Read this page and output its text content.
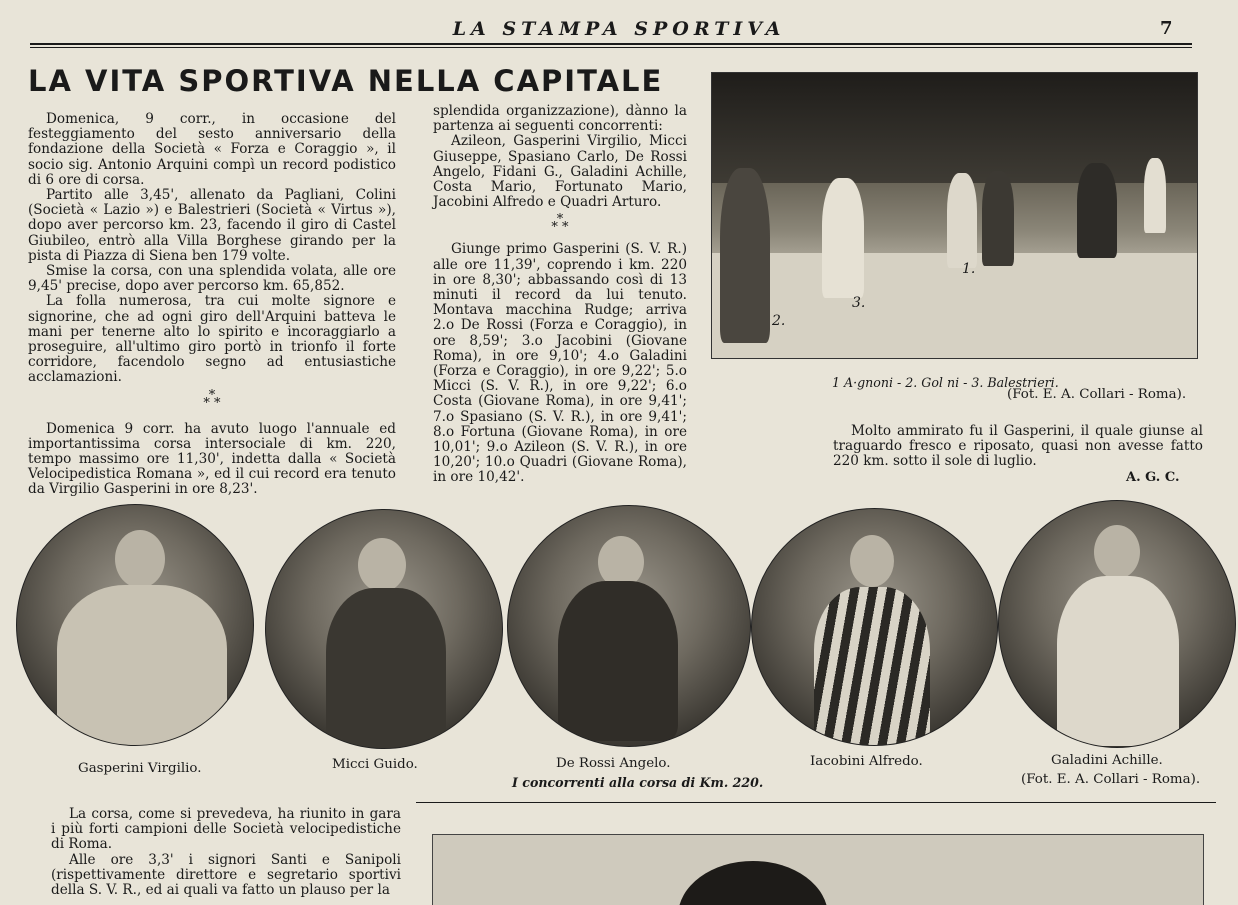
LA STAMPA SPORTIVA	7
LA VITA SPORTIVA NELLA CAPITALE

Domenica, 9 corr., in occasione del festeggiamento del sesto anniversario della fondazione della Società « Forza e Coraggio », il socio sig. Antonio Arquini compì un record podistico di 6 ore di corsa.

Partito alle 3,45', allenato da Pagliani, Colini (Società « Lazio ») e Balestrieri (Società « Virtus »), dopo aver percorso km. 23, facendo il giro di Castel Giubileo, entrò alla Villa Borghese girando per la pista di Piazza di Siena ben 179 volte.

Smise la corsa, con una splendida volata, alle ore 9,45' precise, dopo aver percorso km. 65,852.

La folla numerosa, tra cui molte signore e signorine, che ad ogni giro dell'Arquini batteva le mani per tenerne alto lo spirito e incoraggiarlo a proseguire, all'ultimo giro portò in trionfo il forte corridore, facendolo segno ad entusiastiche acclamazioni.

*
* *

Domenica 9 corr. ha avuto luogo l'annuale ed importantissima corsa intersociale di km. 220, tempo massimo ore 11,30', indetta dalla « Società Velocipedistica Romana », ed il cui record era tenuto da Virgilio Gasperini in ore 8,23'.

splendida organizzazione), dànno la partenza ai seguenti concorrenti:

Azileon, Gasperini Virgilio, Micci Giuseppe, Spasiano Carlo, De Rossi Angelo, Fidani G., Galadini Achille, Costa Mario, Fortunato Mario, Jacobini Alfredo e Quadri Arturo.

*
* *

Giunge primo Gasperini (S. V. R.) alle ore 11,39', coprendo i km. 220 in ore 8,30'; abbassando così di 13 minuti il record da lui tenuto. Montava macchina Rudge; arriva 2.o De Rossi (Forza e Coraggio), in ore 8,59'; 3.o Jacobini (Giovane Roma), in ore 9,10'; 4.o Galadini (Forza e Coraggio), in ore 9,22'; 5.o Micci (S. V. R.), in ore 9,22'; 6.o Costa (Giovane Roma), in ore 9,41'; 7.o Spasiano (S. V. R.), in ore 9,41'; 8.o Fortuna (Giovane Roma), in ore 10,01'; 9.o Azileon (S. V. R.), in ore 10,20'; 10.o Quadri (Giovane Roma), in ore 10,42'.

1.
2.
3.
1 A·gnoni - 2. Gol ni - 3. Balestrieri.
(Fot. E. A. Collari - Roma).

Molto ammirato fu il Gasperini, il quale giunse al traguardo fresco e riposato, quasi non avesse fatto 220 km. sotto il sole di luglio.

A. G. C.
Gasperini Virgilio.	Micci Guido.	De Rossi Angelo.	Iacobini Alfredo.	Galadini Achille.
I concorrenti alla corsa di Km. 220.	(Fot. E. A. Collari - Roma).

La corsa, come si prevedeva, ha riunito in gara i più forti campioni delle Società velocipedistiche di Roma.

Alle ore 3,3' i signori Santi e Sanipoli (rispettivamente direttore e segretario sportivi della S. V. R., ed ai quali va fatto un plauso per la
